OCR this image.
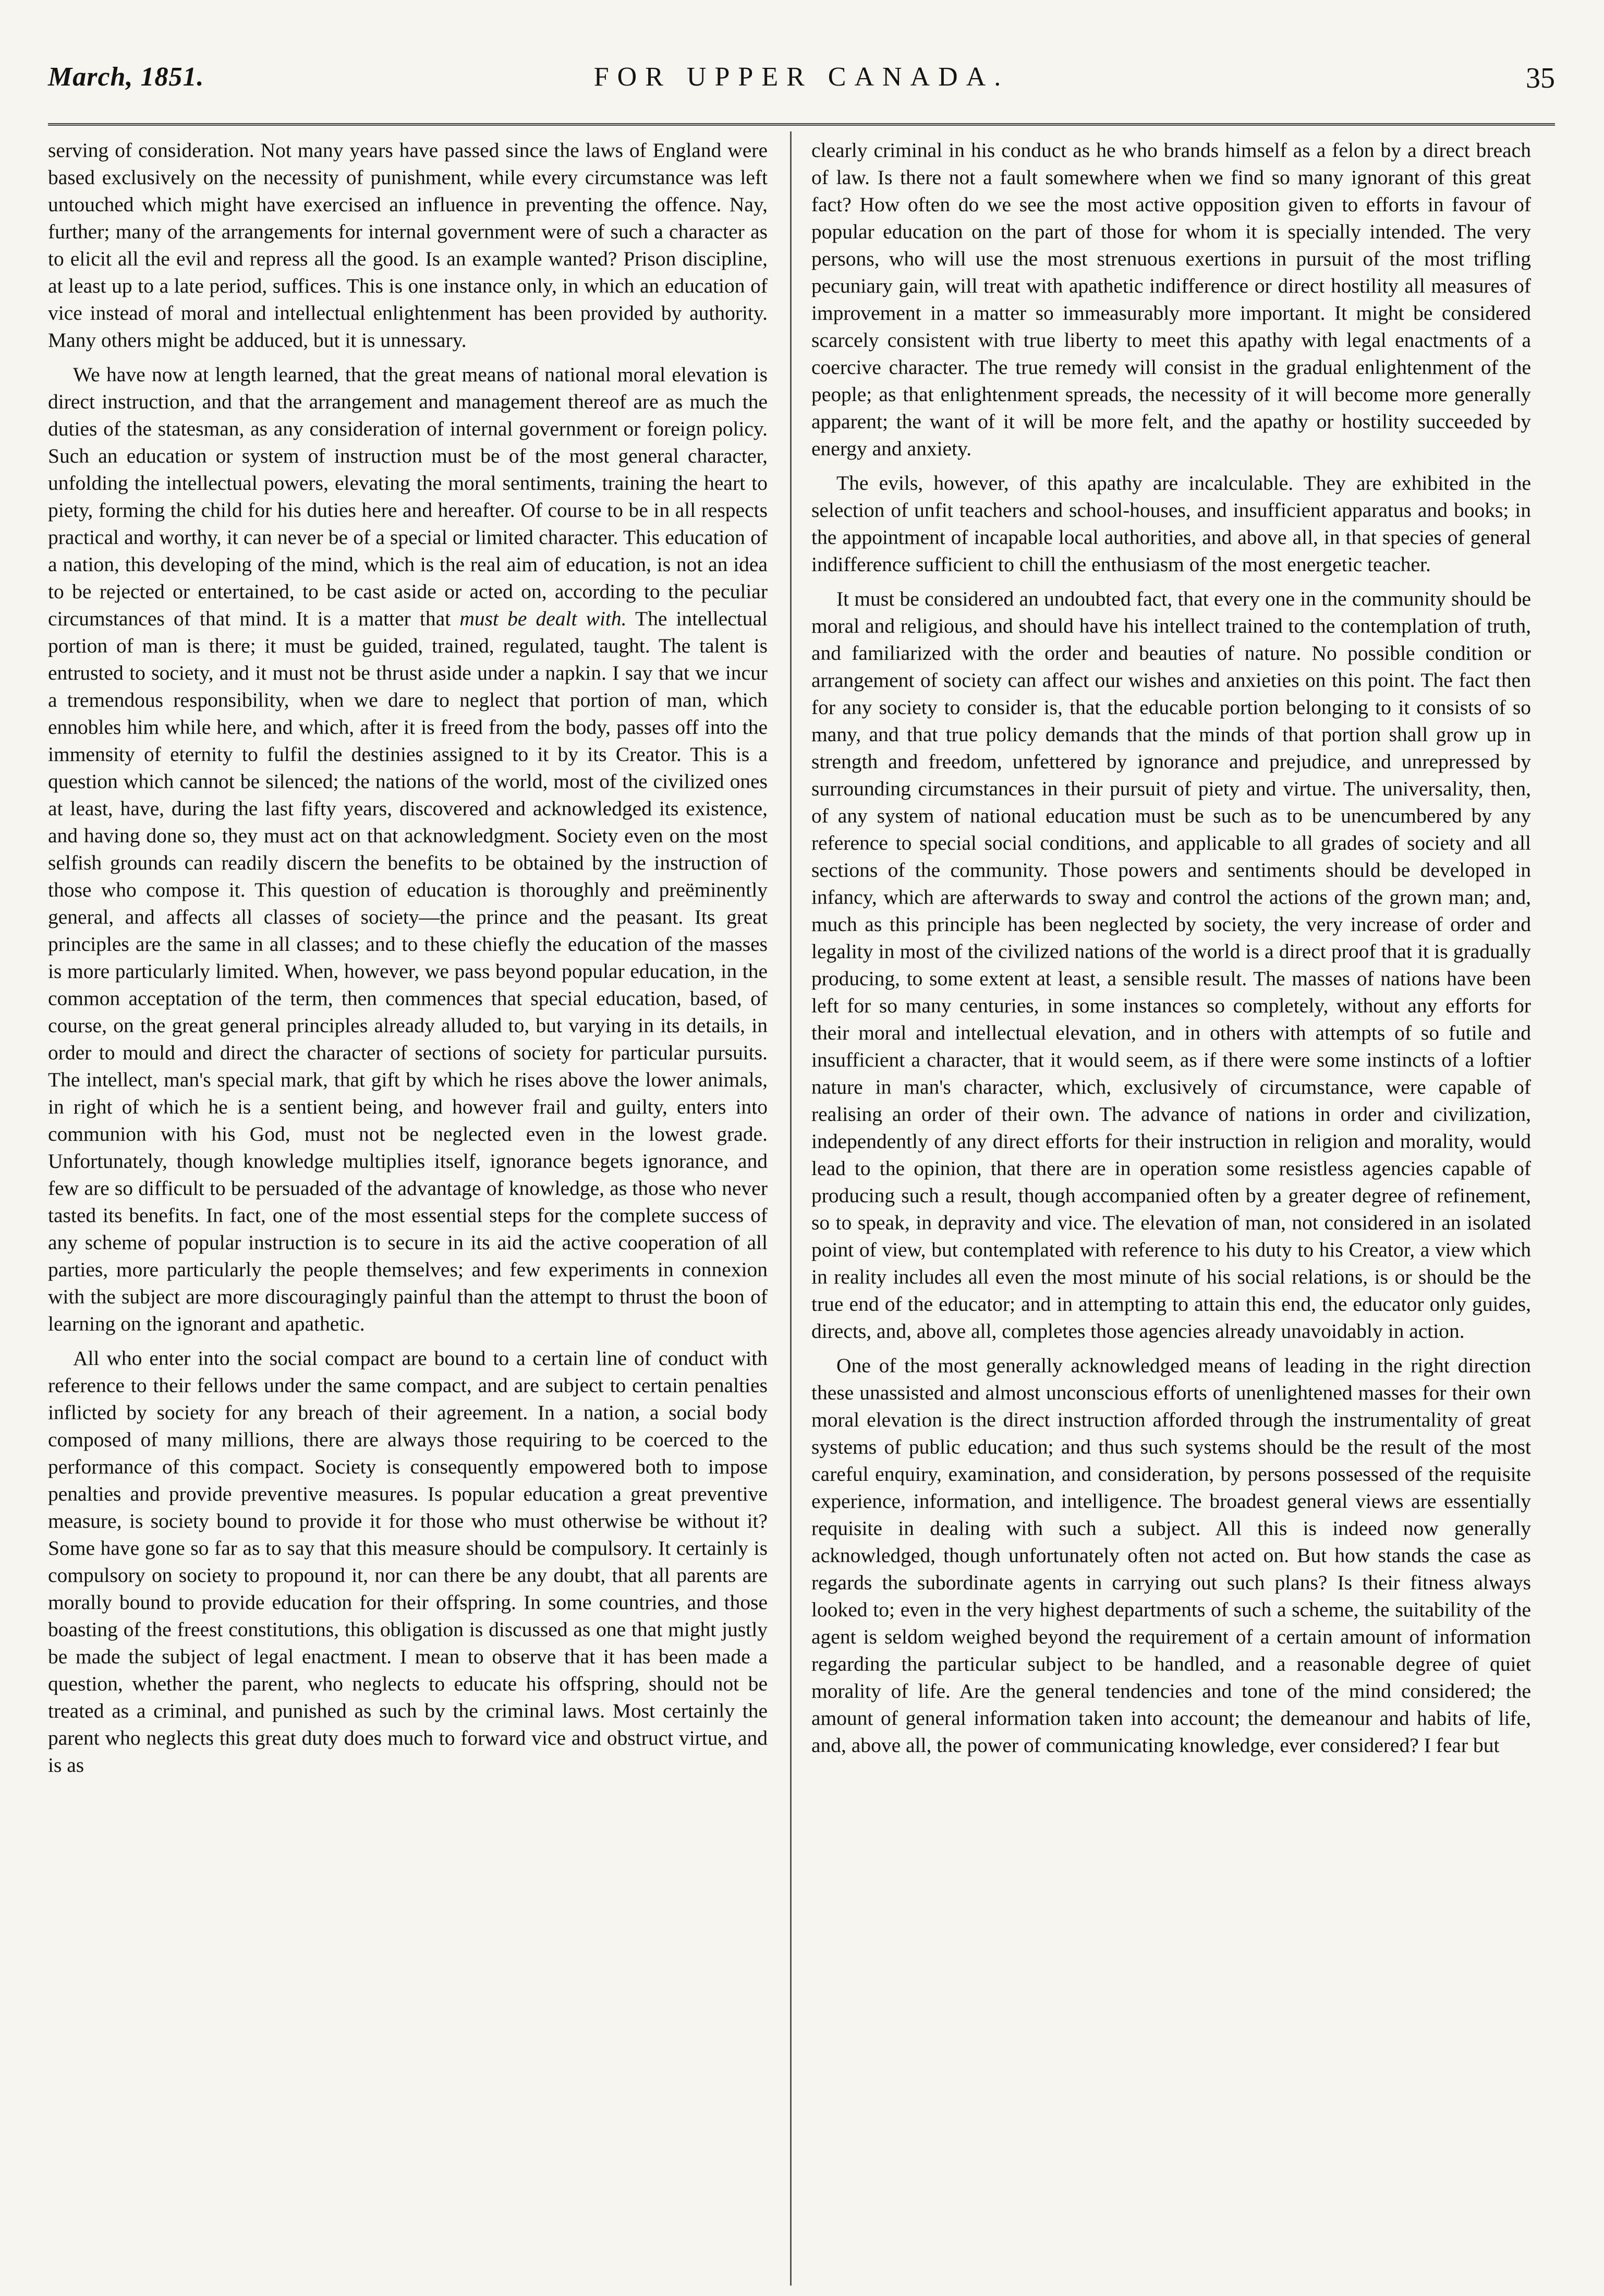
March, 1851.	FOR UPPER CANADA.	35

serving of consideration. Not many years have passed since the laws of England were based exclusively on the necessity of punishment, while every circumstance was left untouched which might have exercised an influence in preventing the offence. Nay, further; many of the arrangements for internal government were of such a character as to elicit all the evil and repress all the good. Is an example wanted? Prison discipline, at least up to a late period, suffices. This is one instance only, in which an education of vice instead of moral and intellectual enlightenment has been provided by authority. Many others might be adduced, but it is unnessary.

We have now at length learned, that the great means of national moral elevation is direct instruction, and that the arrangement and management thereof are as much the duties of the statesman, as any consideration of internal government or foreign policy. Such an education or system of instruction must be of the most general character, unfolding the intellectual powers, elevating the moral sentiments, training the heart to piety, forming the child for his duties here and hereafter. Of course to be in all respects practical and worthy, it can never be of a special or limited character. This education of a nation, this developing of the mind, which is the real aim of education, is not an idea to be rejected or entertained, to be cast aside or acted on, according to the peculiar circumstances of that mind. It is a matter that must be dealt with. The intellectual portion of man is there; it must be guided, trained, regulated, taught. The talent is entrusted to society, and it must not be thrust aside under a napkin. I say that we incur a tremendous responsibility, when we dare to neglect that portion of man, which ennobles him while here, and which, after it is freed from the body, passes off into the immensity of eternity to fulfil the destinies assigned to it by its Creator. This is a question which cannot be silenced; the nations of the world, most of the civilized ones at least, have, during the last fifty years, discovered and acknowledged its existence, and having done so, they must act on that acknowledgment. Society even on the most selfish grounds can readily discern the benefits to be obtained by the instruction of those who compose it. This question of education is thoroughly and preëminently general, and affects all classes of society—the prince and the peasant. Its great principles are the same in all classes; and to these chiefly the education of the masses is more particularly limited. When, however, we pass beyond popular education, in the common acceptation of the term, then commences that special education, based, of course, on the great general principles already alluded to, but varying in its details, in order to mould and direct the character of sections of society for particular pursuits. The intellect, man's special mark, that gift by which he rises above the lower animals, in right of which he is a sentient being, and however frail and guilty, enters into communion with his God, must not be neglected even in the lowest grade. Unfortunately, though knowledge multiplies itself, ignorance begets ignorance, and few are so difficult to be persuaded of the advantage of knowledge, as those who never tasted its benefits. In fact, one of the most essential steps for the complete success of any scheme of popular instruction is to secure in its aid the active cooperation of all parties, more particularly the people themselves; and few experiments in connexion with the subject are more discouragingly painful than the attempt to thrust the boon of learning on the ignorant and apathetic.

All who enter into the social compact are bound to a certain line of conduct with reference to their fellows under the same compact, and are subject to certain penalties inflicted by society for any breach of their agreement. In a nation, a social body composed of many millions, there are always those requiring to be coerced to the performance of this compact. Society is consequently empowered both to impose penalties and provide preventive measures. Is popular education a great preventive measure, is society bound to provide it for those who must otherwise be without it? Some have gone so far as to say that this measure should be compulsory. It certainly is compulsory on society to propound it, nor can there be any doubt, that all parents are morally bound to provide education for their offspring. In some countries, and those boasting of the freest constitutions, this obligation is discussed as one that might justly be made the subject of legal enactment. I mean to observe that it has been made a question, whether the parent, who neglects to educate his offspring, should not be treated as a criminal, and punished as such by the criminal laws. Most certainly the parent who neglects this great duty does much to forward vice and obstruct virtue, and is as

clearly criminal in his conduct as he who brands himself as a felon by a direct breach of law. Is there not a fault somewhere when we find so many ignorant of this great fact? How often do we see the most active opposition given to efforts in favour of popular education on the part of those for whom it is specially intended. The very persons, who will use the most strenuous exertions in pursuit of the most trifling pecuniary gain, will treat with apathetic indifference or direct hostility all measures of improvement in a matter so immeasurably more important. It might be considered scarcely consistent with true liberty to meet this apathy with legal enactments of a coercive character. The true remedy will consist in the gradual enlightenment of the people; as that enlightenment spreads, the necessity of it will become more generally apparent; the want of it will be more felt, and the apathy or hostility succeeded by energy and anxiety.

The evils, however, of this apathy are incalculable. They are exhibited in the selection of unfit teachers and school-houses, and insufficient apparatus and books; in the appointment of incapable local authorities, and above all, in that species of general indifference sufficient to chill the enthusiasm of the most energetic teacher.

It must be considered an undoubted fact, that every one in the community should be moral and religious, and should have his intellect trained to the contemplation of truth, and familiarized with the order and beauties of nature. No possible condition or arrangement of society can affect our wishes and anxieties on this point. The fact then for any society to consider is, that the educable portion belonging to it consists of so many, and that true policy demands that the minds of that portion shall grow up in strength and freedom, unfettered by ignorance and prejudice, and unrepressed by surrounding circumstances in their pursuit of piety and virtue. The universality, then, of any system of national education must be such as to be unencumbered by any reference to special social conditions, and applicable to all grades of society and all sections of the community. Those powers and sentiments should be developed in infancy, which are afterwards to sway and control the actions of the grown man; and, much as this principle has been neglected by society, the very increase of order and legality in most of the civilized nations of the world is a direct proof that it is gradually producing, to some extent at least, a sensible result. The masses of nations have been left for so many centuries, in some instances so completely, without any efforts for their moral and intellectual elevation, and in others with attempts of so futile and insufficient a character, that it would seem, as if there were some instincts of a loftier nature in man's character, which, exclusively of circumstance, were capable of realising an order of their own. The advance of nations in order and civilization, independently of any direct efforts for their instruction in religion and morality, would lead to the opinion, that there are in operation some resistless agencies capable of producing such a result, though accompanied often by a greater degree of refinement, so to speak, in depravity and vice. The elevation of man, not considered in an isolated point of view, but contemplated with reference to his duty to his Creator, a view which in reality includes all even the most minute of his social relations, is or should be the true end of the educator; and in attempting to attain this end, the educator only guides, directs, and, above all, completes those agencies already unavoidably in action.

One of the most generally acknowledged means of leading in the right direction these unassisted and almost unconscious efforts of unenlightened masses for their own moral elevation is the direct instruction afforded through the instrumentality of great systems of public education; and thus such systems should be the result of the most careful enquiry, examination, and consideration, by persons possessed of the requisite experience, information, and intelligence. The broadest general views are essentially requisite in dealing with such a subject. All this is indeed now generally acknowledged, though unfortunately often not acted on. But how stands the case as regards the subordinate agents in carrying out such plans? Is their fitness always looked to; even in the very highest departments of such a scheme, the suitability of the agent is seldom weighed beyond the requirement of a certain amount of information regarding the particular subject to be handled, and a reasonable degree of quiet morality of life. Are the general tendencies and tone of the mind considered; the amount of general information taken into account; the demeanour and habits of life, and, above all, the power of communicating knowledge, ever considered? I fear but
